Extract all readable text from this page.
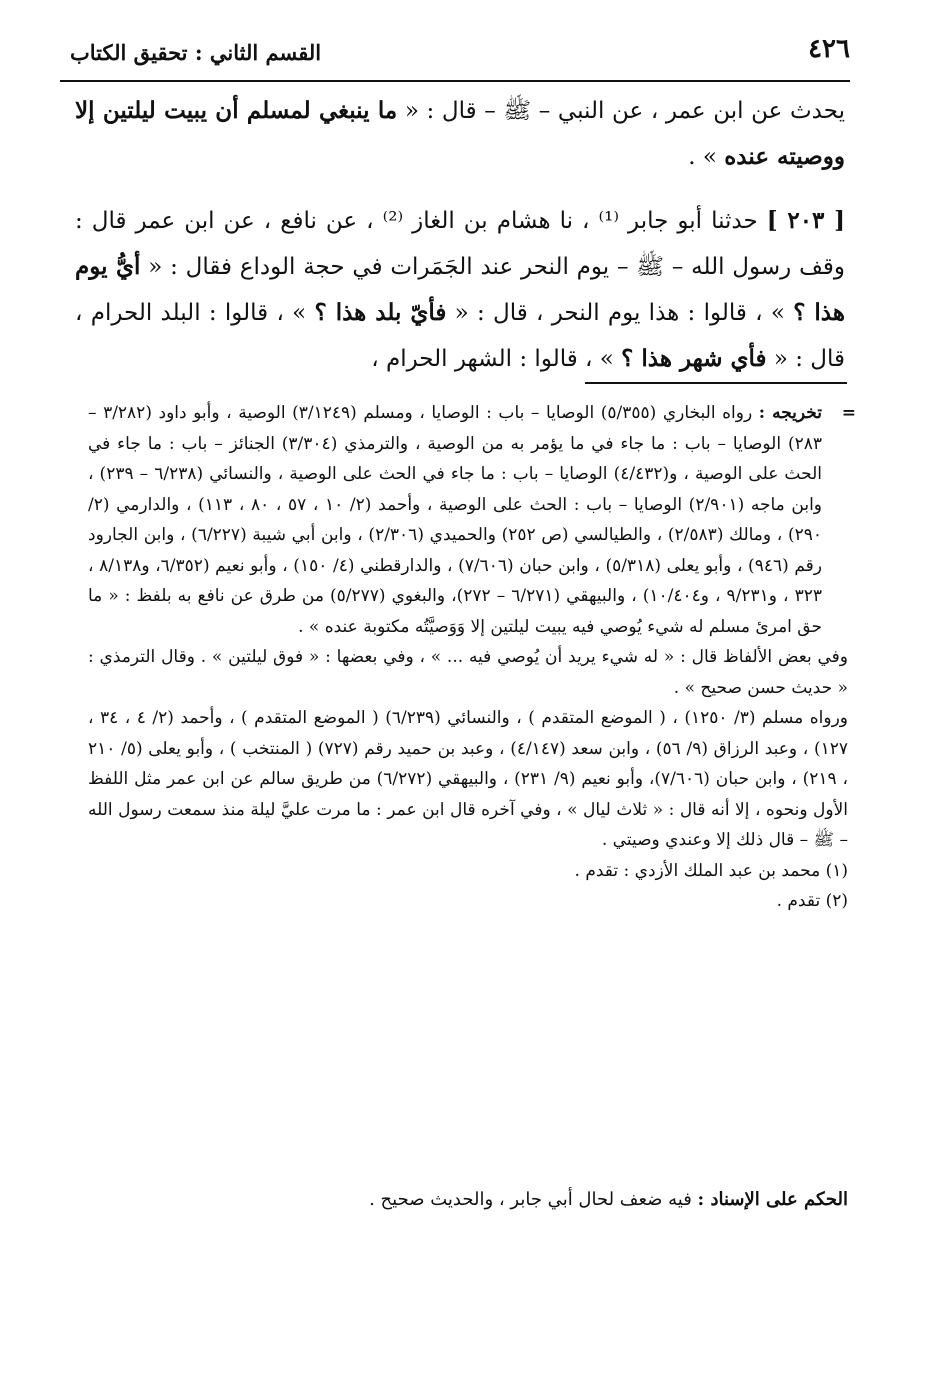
٤٢٦
القسم الثاني : تحقيق الكتاب

يحدث عن ابن عمر ، عن النبي – ﷺ – قال : « ما ينبغي لمسلم أن يبيت ليلتين إلا ووصيته عنده » .

[ ٢٠٣ ] حدثنا أبو جابر ⁽¹⁾ ، نا هشام بن الغاز ⁽²⁾ ، عن نافع ، عن ابن عمر قال : وقف رسول الله – ﷺ – يوم النحر عند الجَمَرات في حجة الوداع فقال : « أيُّ يوم هذا ؟ » ، قالوا : هذا يوم النحر ، قال : « فأيّ بلد هذا ؟ » ، قالوا : البلد الحرام ، قال : « فأي شهر هذا ؟ » ، قالوا : الشهر الحرام ،

=
تخريجه : رواه البخاري (٥/٣٥٥) الوصايا – باب : الوصايا ، ومسلم (٣/١٢٤٩) الوصية ، وأبو داود (٣/٢٨٢ – ٢٨٣) الوصايا – باب : ما جاء في ما يؤمر به من الوصية ، والترمذي (٣/٣٠٤) الجنائز – باب : ما جاء في الحث على الوصية ، و(٤/٤٣٢) الوصايا – باب : ما جاء في الحث على الوصية ، والنسائي (٦/٢٣٨ – ٢٣٩) ، وابن ماجه (٢/٩٠١) الوصايا – باب : الحث على الوصية ، وأحمد (٢/ ١٠ ، ٥٧ ، ٨٠ ، ١١٣) ، والدارمي (٢/ ٢٩٠) ، ومالك (٢/٥٨٣) ، والطيالسي (ص ٢٥٢) والحميدي (٢/٣٠٦) ، وابن أبي شيبة (٦/٢٢٧) ، وابن الجارود رقم (٩٤٦) ، وأبو يعلى (٥/٣١٨) ، وابن حبان (٧/٦٠٦) ، والدارقطني (٤/ ١٥٠) ، وأبو نعيم (٦/٣٥٢، و٨/١٣٨ ، ٣٢٣ ، و٩/٢٣١ ، و١٠/٤٠٤) ، والبيهقي (٦/٢٧١ – ٢٧٢)، والبغوي (٥/٢٧٧) من طرق عن نافع به بلفظ : « ما حق امرئ مسلم له شيء يُوصي فيه يبيت ليلتين إلا وَوَصيَّتُه مكتوبة عنده » .

وفي بعض الألفاظ قال : « له شيء يريد أن يُوصي فيه ... » ، وفي بعضها : « فوق ليلتين » . وقال الترمذي : « حديث حسن صحيح » .

ورواه مسلم (٣/ ١٢٥٠) ، ( الموضع المتقدم ) ، والنسائي (٦/٢٣٩) ( الموضع المتقدم ) ، وأحمد (٢/ ٤ ، ٣٤ ، ١٢٧) ، وعبد الرزاق (٩/ ٥٦) ، وابن سعد (٤/١٤٧) ، وعبد بن حميد رقم (٧٢٧) ( المنتخب ) ، وأبو يعلى (٥/ ٢١٠ ، ٢١٩) ، وابن حبان (٧/٦٠٦)، وأبو نعيم (٩/ ٢٣١) ، والبيهقي (٦/٢٧٢) من طريق سالم عن ابن عمر مثل اللفظ الأول ونحوه ، إلا أنه قال : « ثلاث ليال » ، وفي آخره قال ابن عمر : ما مرت عليَّ ليلة منذ سمعت رسول الله – ﷺ – قال ذلك إلا وعندي وصيتي .

(١) محمد بن عبد الملك الأزدي : تقدم .

(٢) تقدم .

الحكم على الإسناد : فيه ضعف لحال أبي جابر ، والحديث صحيح .
